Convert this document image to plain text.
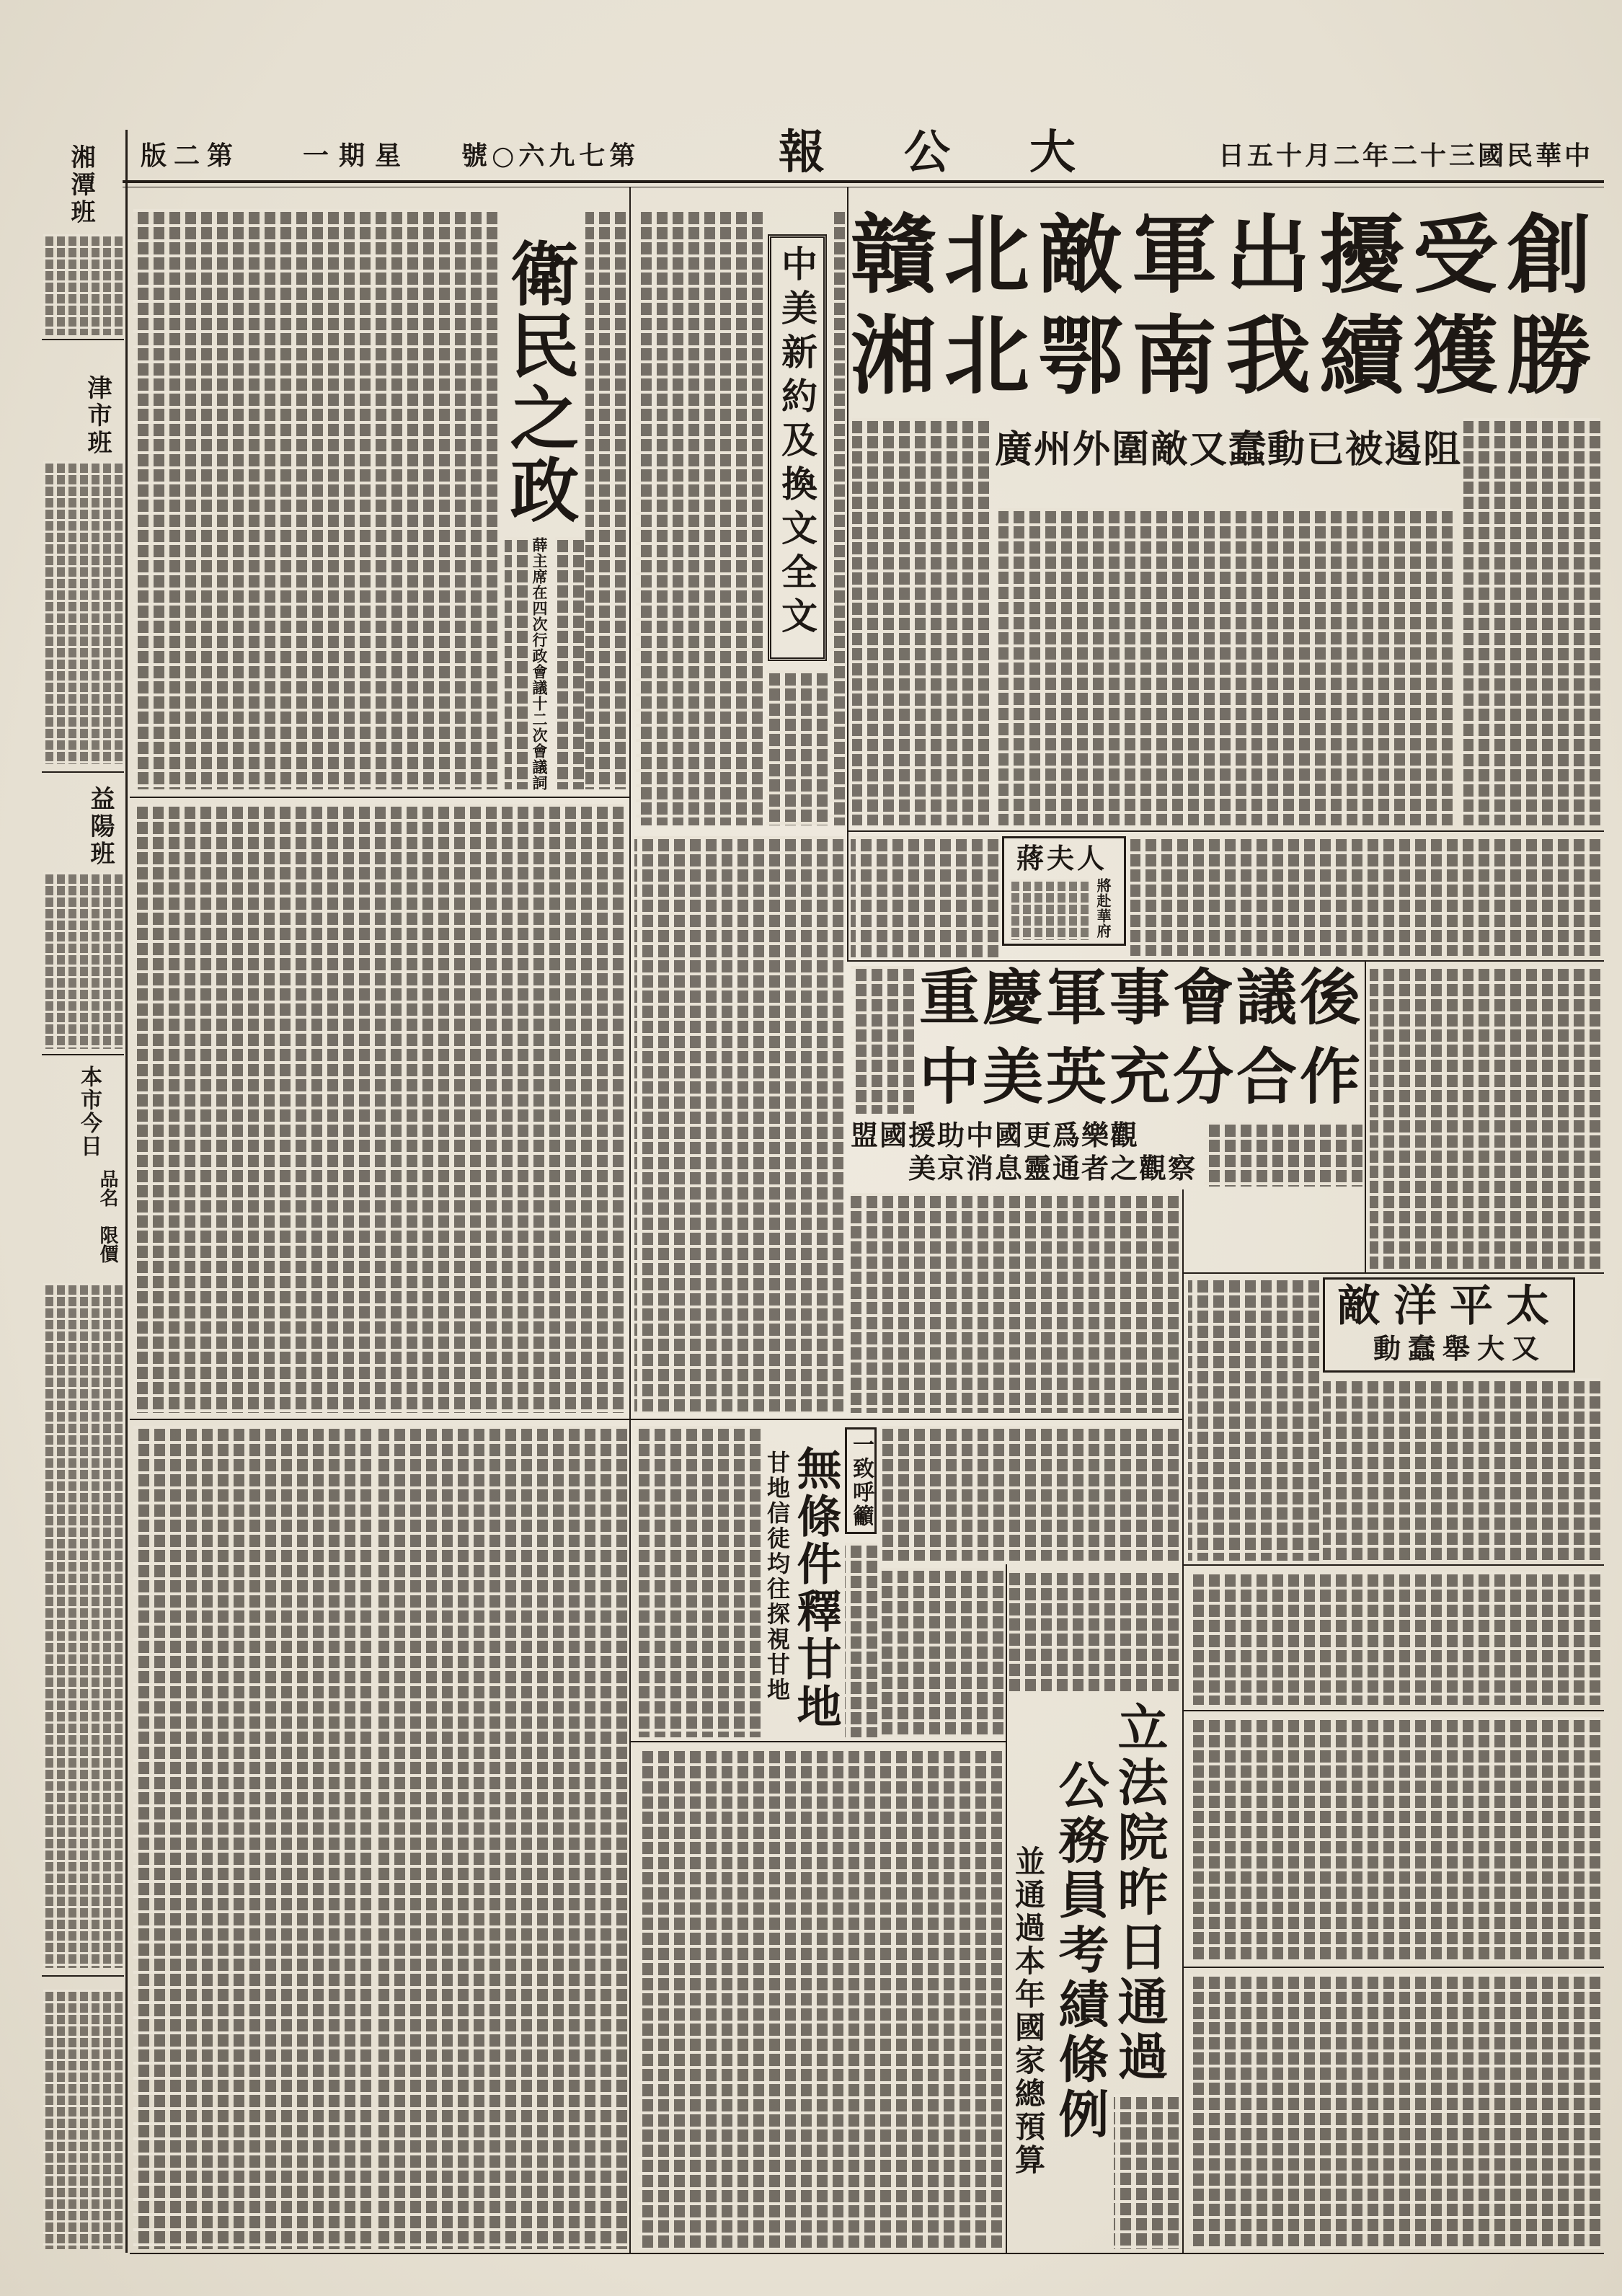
版二第 一期星 號○六九七第	報公大 日五十月二年二十三國民華中
湘潭班
津市班
益陽班
本市今日
品名
限價
衛民之政
薛主席在四次行政會議十二次會議詞
中美新約及換文全文 贛北敵軍出擾受創
湘北鄂南我續獲勝
廣州外圍敵又蠢動已被遏阻
蔣夫人
將赴華府
重慶軍事會議後
中美英充分合作
盟國援助中國更爲樂觀
美京消息靈通者之觀察
敵洋平太
動蠢舉大又
甘地信徒均往探視甘地
無條件釋甘地 一致呼籲
立法院昨日通過
公務員考績條例
並通過本年國家總預算
